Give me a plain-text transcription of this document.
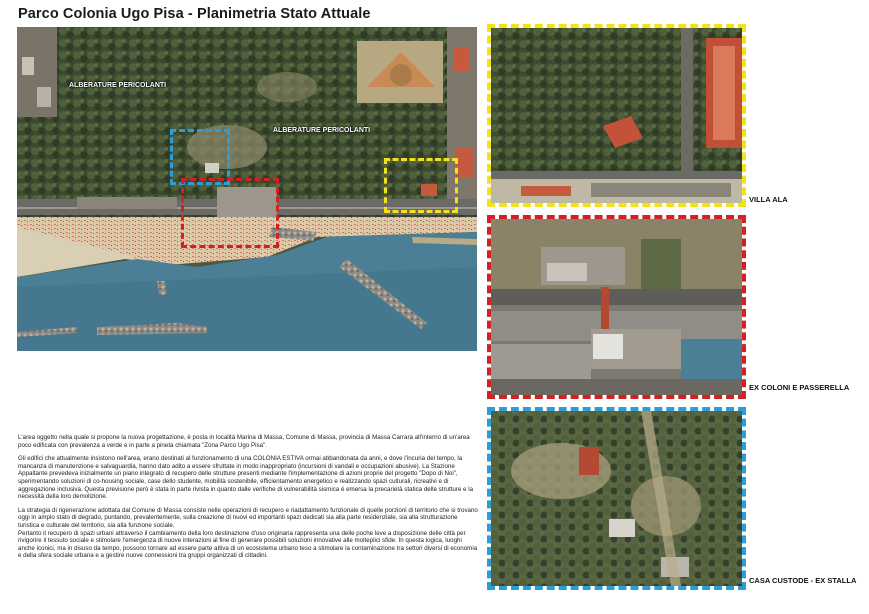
Parco Colonia Ugo Pisa - Planimetria Stato Attuale
ALBERATURE PERICOLANTI
ALBERATURE PERICOLANTI
VILLA ALA
EX COLONI E PASSERELLA
CASA CUSTODE - EX STALLA

L'area oggetto nella quale si propone la nuova progettazione, è posta in località Marina di Massa, Comune di Massa, provincia di Massa Carrara all'interno di un'area poco edificata con prevalenza a verde e in parte a pineta chiamata "Zona Parco Ugo Pisa".

Gli edifici che attualmente insistono nell'area, erano destinati al funzionamento di una COLONIA ESTIVA ormai abbandonata da anni, e dove l'incuria del tempo, la mancanza di manutenzione e salvaguardia, hanno dato adito a essere sfruttate in modo inappropriato (incursioni di vandali e occupazioni abusive). La Stazione Appaltante prevedeva inizialmente un piano integrato di recupero delle strutture presenti mediante l'implementazione di azioni proprie del progetto "Dopo di Noi", sperimentando soluzioni di co-housing sociale, case dello studente, mobilità sostenibile, efficientamento energetico e realizzando spazi culturali, ricreativi e di aggregazione inclusiva. Questa previsione però è stata in parte rivista in quanto dalle verifiche di vulnerabilità sismica è emersa la precarietà statica delle strutture e la necessità della loro demolizione.

La strategia di rigenerazione adottata dal Comune di Massa consiste nelle operazioni di recupero e riadattamento funzionale di quelle porzioni di territorio che si trovano oggi in ampio stato di degrado, puntando, prevalentemente, sulla creazione di nuovi ed importanti spazi dedicati sia alla parte residenziale, sia alla strutturazione turistica e culturale del territorio, sia alla funzione sociale.

Pertanto il recupero di spazi urbani attraverso il cambiamento della loro destinazione d'uso originaria rappresenta una delle poche leve a disposizione delle città per rivigorire il tessuto sociale e stimolare l'emergenza di nuove interazioni al fine di generare possibili soluzioni innovative alle molteplici sfide. In questa logica, luoghi anche iconici, ma in disuso da tempo, possono tornare ad essere parte attiva di un ecosistema urbano teso a stimolare la contaminazione tra settori diversi di economia e della sfera sociale urbana e a gestire nuove connessioni tra gruppi organizzati di cittadini.
